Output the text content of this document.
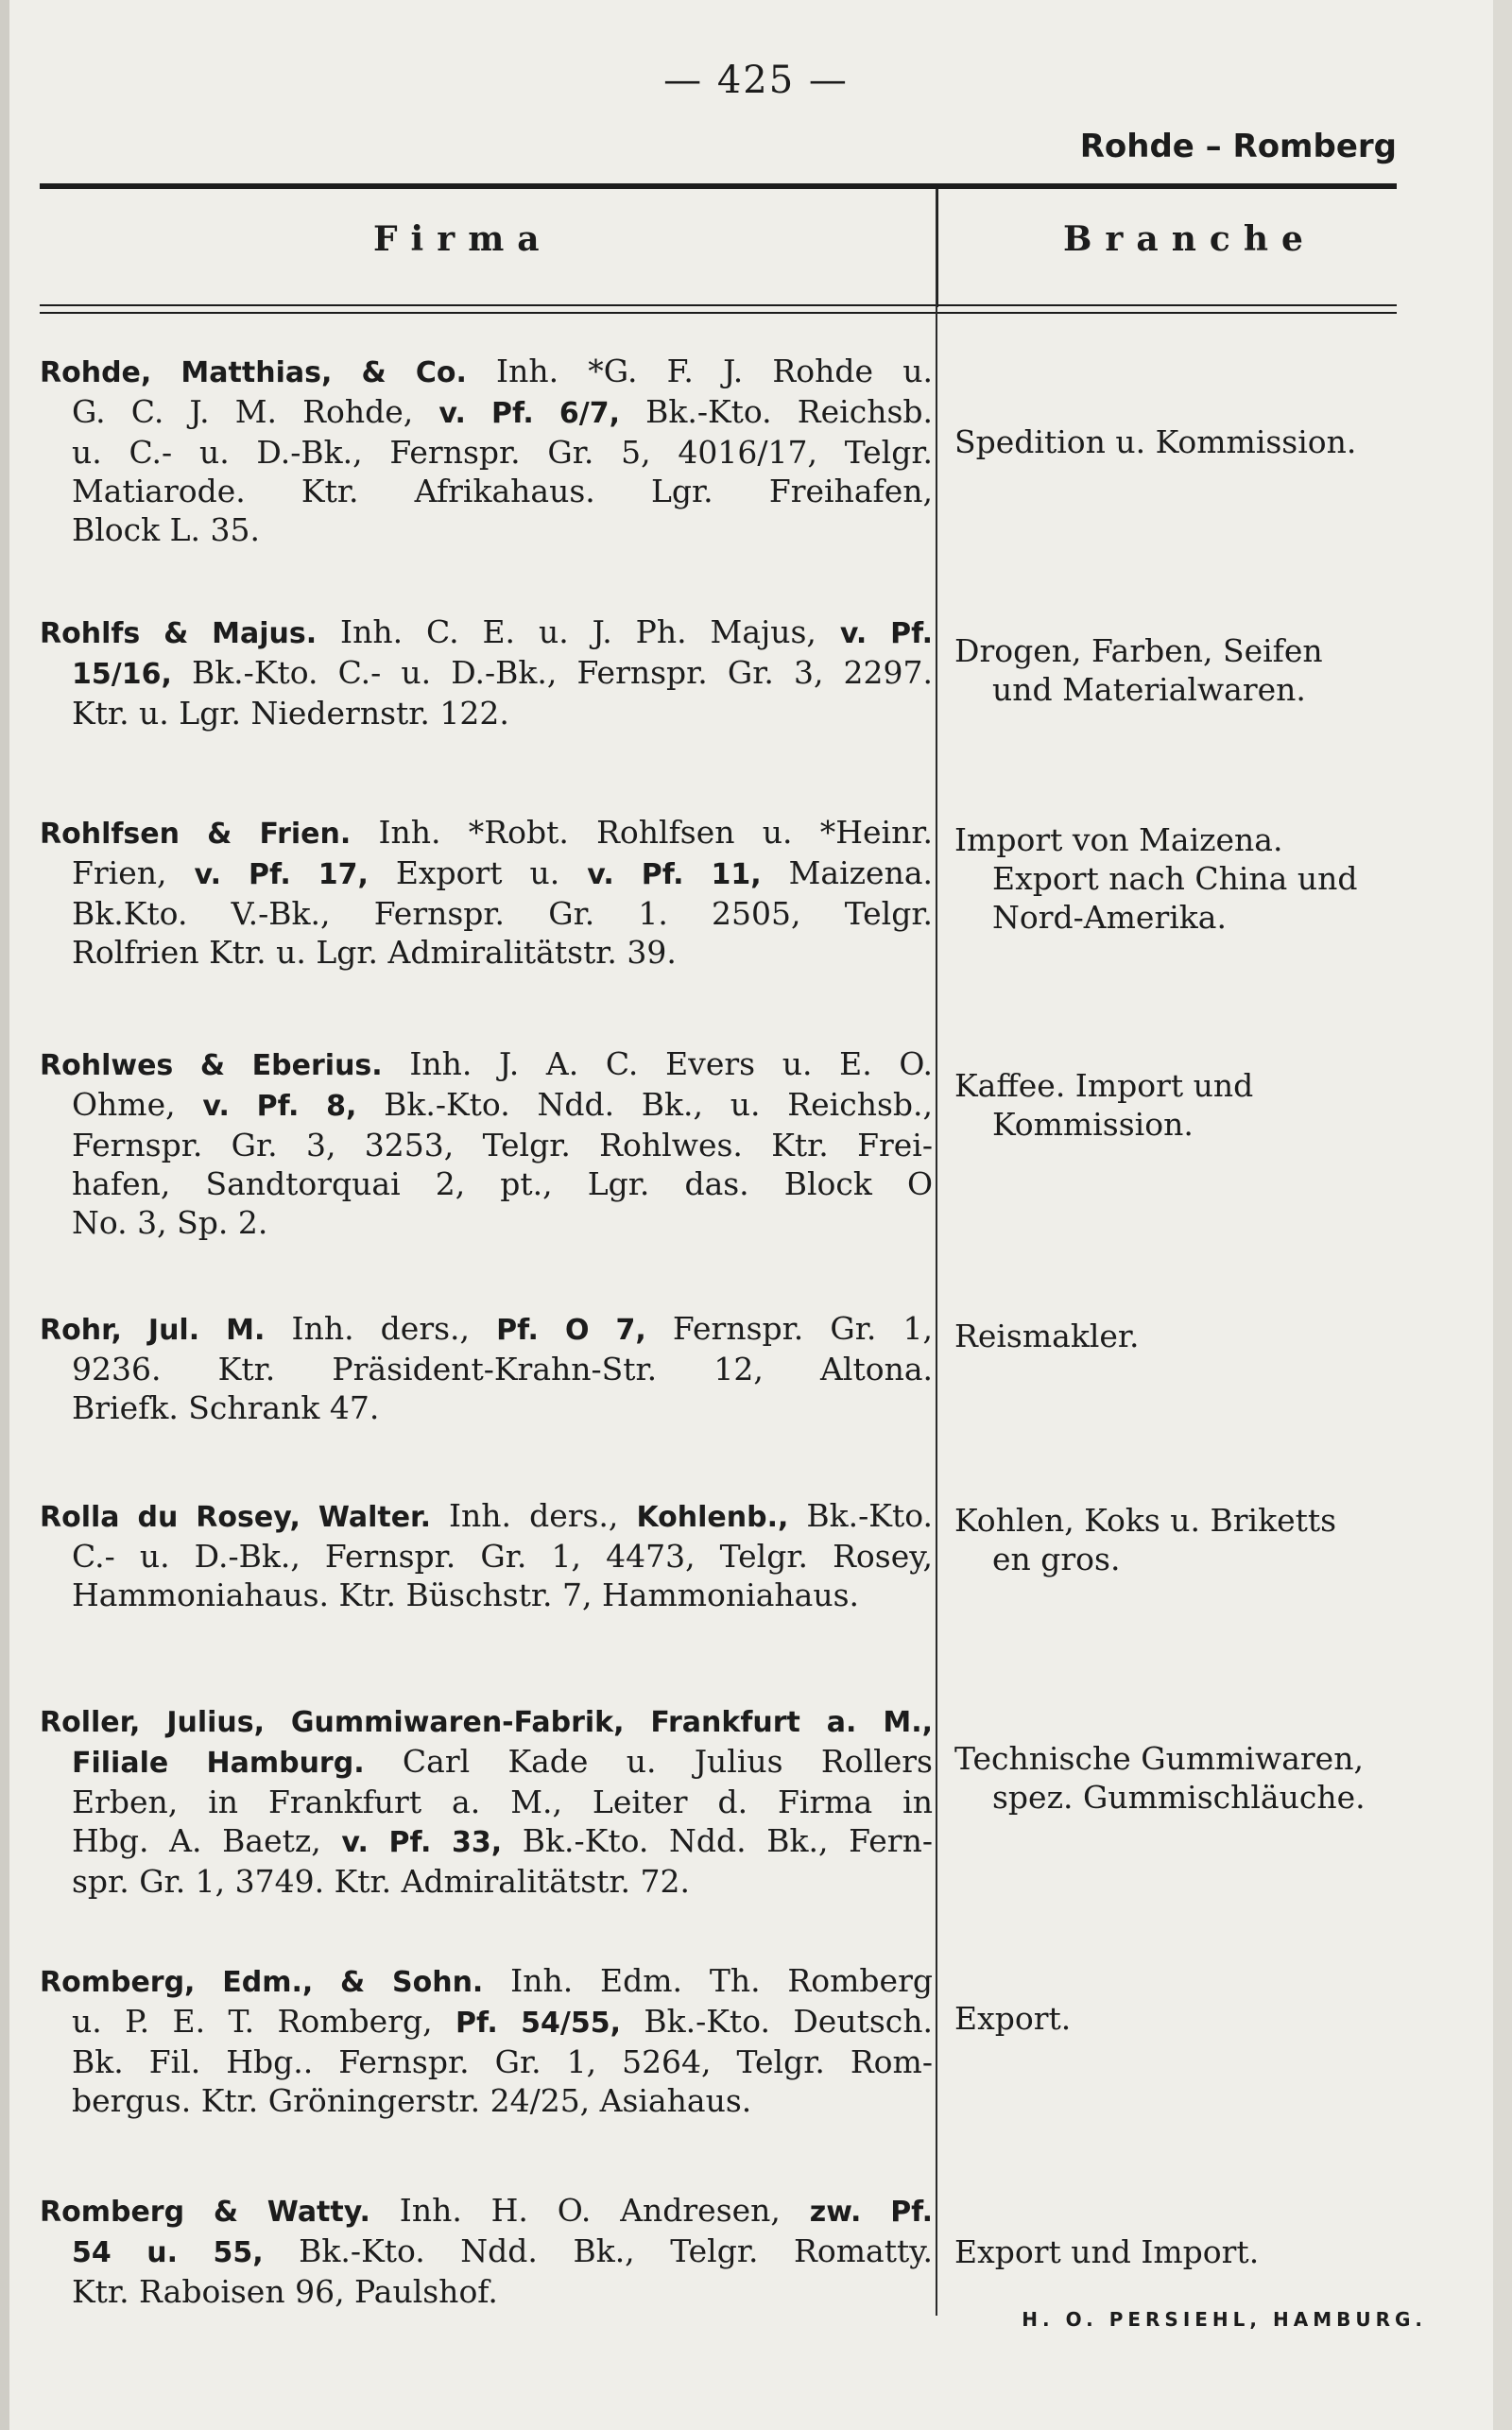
— 425 —
Rohde – Romberg
Firma	Branche
Rohde, Matthias, & Co. Inh. *G. F. J. Rohde u.
G. C. J. M. Rohde, v. Pf. 6/7, Bk.-Kto. Reichsb.
u. C.- u. D.-Bk., Fernspr. Gr. 5, 4016/17, Telgr.
Matiarode. Ktr. Afrikahaus. Lgr. Freihafen,
Block L. 35.
Spedition u. Kommission.
Rohlfs & Majus. Inh. C. E. u. J. Ph. Majus, v. Pf.
15/16, Bk.-Kto. C.- u. D.-Bk., Fernspr. Gr. 3, 2297.
Ktr. u. Lgr. Niedernstr. 122.
Drogen, Farben, Seifen
und Materialwaren.
Rohlfsen & Frien. Inh. *Robt. Rohlfsen u. *Heinr.
Frien, v. Pf. 17, Export u. v. Pf. 11, Maizena.
Bk.Kto. V.-Bk., Fernspr. Gr. 1. 2505, Telgr.
Rolfrien Ktr. u. Lgr. Admiralitätstr. 39.
Import von Maizena.
Export nach China und
Nord-Amerika.
Rohlwes & Eberius. Inh. J. A. C. Evers u. E. O.
Ohme, v. Pf. 8, Bk.-Kto. Ndd. Bk., u. Reichsb.,
Fernspr. Gr. 3, 3253, Telgr. Rohlwes. Ktr. Frei-
hafen, Sandtorquai 2, pt., Lgr. das. Block O
No. 3, Sp. 2.
Kaffee. Import und
Kommission.
Rohr, Jul. M. Inh. ders., Pf. O 7, Fernspr. Gr. 1,
9236. Ktr. Präsident-Krahn-Str. 12, Altona.
Briefk. Schrank 47.
Reismakler.
Rolla du Rosey, Walter. Inh. ders., Kohlenb., Bk.-Kto.
C.- u. D.-Bk., Fernspr. Gr. 1, 4473, Telgr. Rosey,
Hammoniahaus. Ktr. Büschstr. 7, Hammoniahaus.
Kohlen, Koks u. Briketts
en gros.
Roller, Julius, Gummiwaren-Fabrik, Frankfurt a. M.,
Filiale Hamburg. Carl Kade u. Julius Rollers
Erben, in Frankfurt a. M., Leiter d. Firma in
Hbg. A. Baetz, v. Pf. 33, Bk.-Kto. Ndd. Bk., Fern-
spr. Gr. 1, 3749. Ktr. Admiralitätstr. 72.
Technische Gummiwaren,
spez. Gummischläuche.
Romberg, Edm., & Sohn. Inh. Edm. Th. Romberg
u. P. E. T. Romberg, Pf. 54/55, Bk.-Kto. Deutsch.
Bk. Fil. Hbg.. Fernspr. Gr. 1, 5264, Telgr. Rom-
bergus. Ktr. Gröningerstr. 24/25, Asiahaus.
Export.
Romberg & Watty. Inh. H. O. Andresen, zw. Pf.
54 u. 55, Bk.-Kto. Ndd. Bk., Telgr. Romatty.
Ktr. Raboisen 96, Paulshof.
Export und Import.
H. O. PERSIEHL, HAMBURG.
